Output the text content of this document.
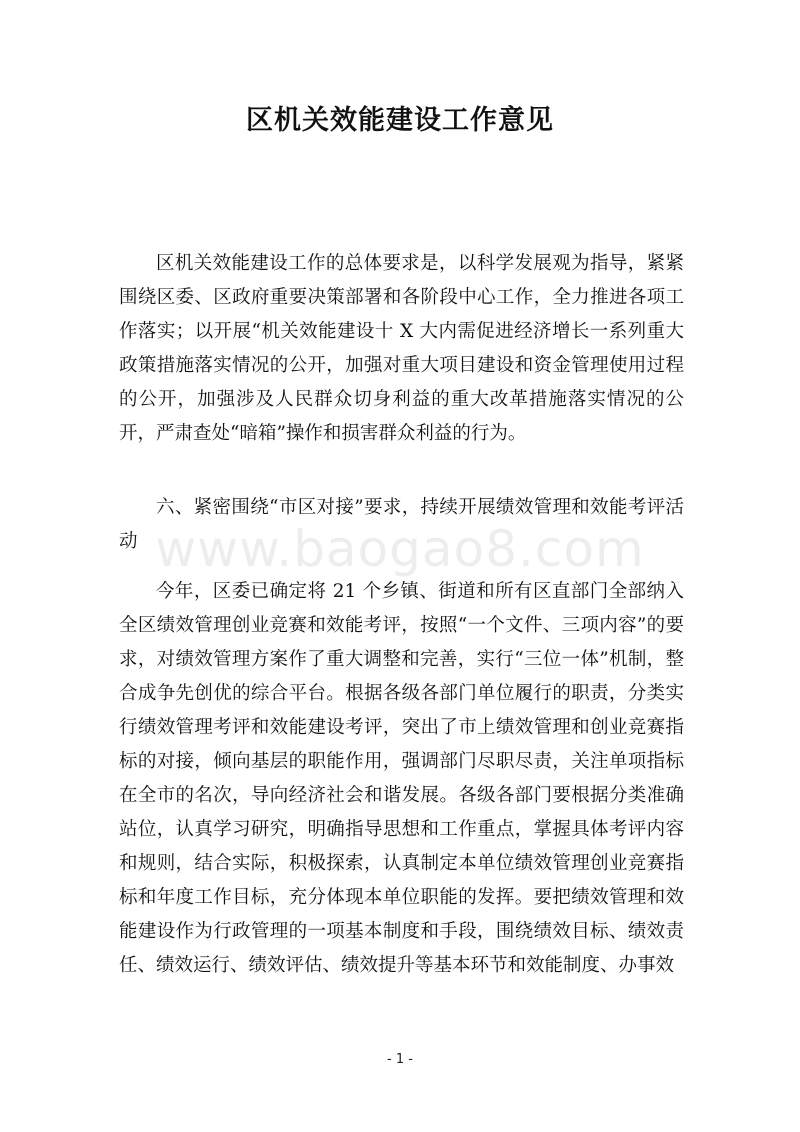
区机关效能建设工作意见

区机关效能建设工作的总体要求是，以科学发展观为指导，紧紧围绕区委、区政府重要决策部署和各阶段中心工作，全力推进各项工作落实；以开展“机关效能建设十 X 大内需促进经济增长一系列重大政策措施落实情况的公开，加强对重大项目建设和资金管理使用过程的公开，加强涉及人民群众切身利益的重大改革措施落实情况的公开，严肃查处“暗箱”操作和损害群众利益的行为。

六、紧密围绕“市区对接”要求，持续开展绩效管理和效能考评活动

今年，区委已确定将 21 个乡镇、街道和所有区直部门全部纳入全区绩效管理创业竞赛和效能考评，按照“一个文件、三项内容”的要求，对绩效管理方案作了重大调整和完善，实行“三位一体”机制，整合成争先创优的综合平台。根据各级各部门单位履行的职责，分类实行绩效管理考评和效能建设考评，突出了市上绩效管理和创业竞赛指标的对接，倾向基层的职能作用，强调部门尽职尽责，关注单项指标在全市的名次，导向经济社会和谐发展。各级各部门要根据分类准确站位，认真学习研究，明确指导思想和工作重点，掌握具体考评内容和规则，结合实际，积极探索，认真制定本单位绩效管理创业竞赛指标和年度工作目标，充分体现本单位职能的发挥。要把绩效管理和效能建设作为行政管理的一项基本制度和手段，围绕绩效目标、绩效责任、绩效运行、绩效评估、绩效提升等基本环节和效能制度、办事效

www.baogao8.com
- 1 -
